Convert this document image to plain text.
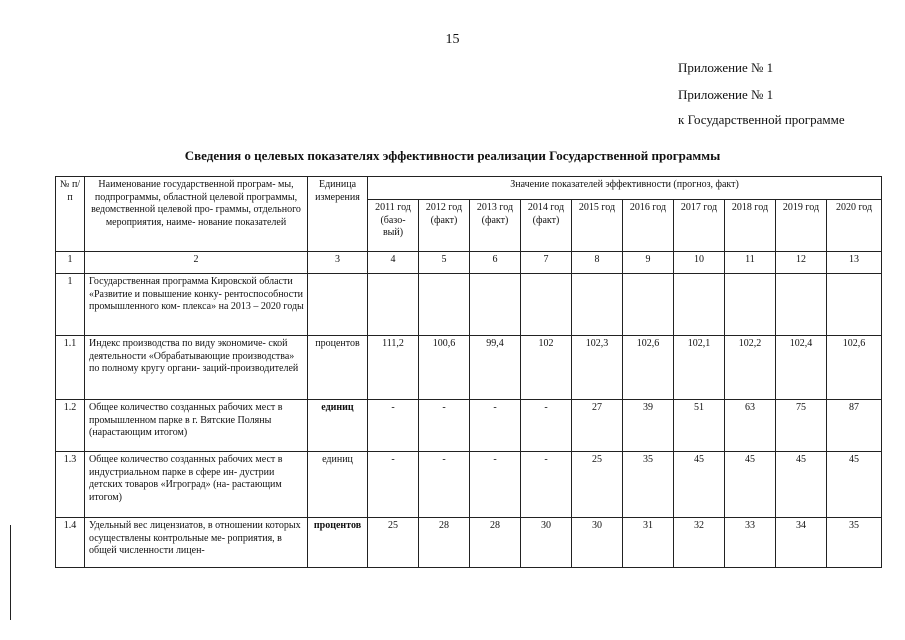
15
Приложение № 1
Приложение № 1
к Государственной программе
Сведения о целевых показателях эффективности реализации Государственной программы
№ п/п	Наименование государственной програм- мы, подпрограммы, областной целевой программы, ведомственной целевой про- граммы, отдельного мероприятия, наиме- нование показателей	Единица измерения	Значение показателей эффективности (прогноз, факт)									
			2011 год (базо- вый)	2012 год (факт)	2013 год (факт)	2014 год (факт)	2015 год	2016 год	2017 год	2018 год	2019 год	2020 год
1	2	3	4	5	6	7	8	9	10	11	12	13
1	Государственная программа Кировской области «Развитие и повышение конку- рентоспособности промышленного ком- плекса» на 2013 – 2020 годы											
1.1	Индекс производства по виду экономиче- ской деятельности «Обрабатывающие производства» по полному кругу органи- заций-производителей	процентов	111,2	100,6	99,4	102	102,3	102,6	102,1	102,2	102,4	102,6
1.2	Общее количество созданных рабочих мест в промышленном парке в г. Вятские Поляны (нарастающим итогом)	единиц	-	-	-	-	27	39	51	63	75	87
1.3	Общее количество созданных рабочих мест в индустриальном парке в сфере ин- дустрии детских товаров «Игроград» (на- растающим итогом)	единиц	-	-	-	-	25	35	45	45	45	45
1.4	Удельный вес лицензиатов, в отношении которых осуществлены контрольные ме- роприятия, в общей численности лицен-	процентов	25	28	28	30	30	31	32	33	34	35
